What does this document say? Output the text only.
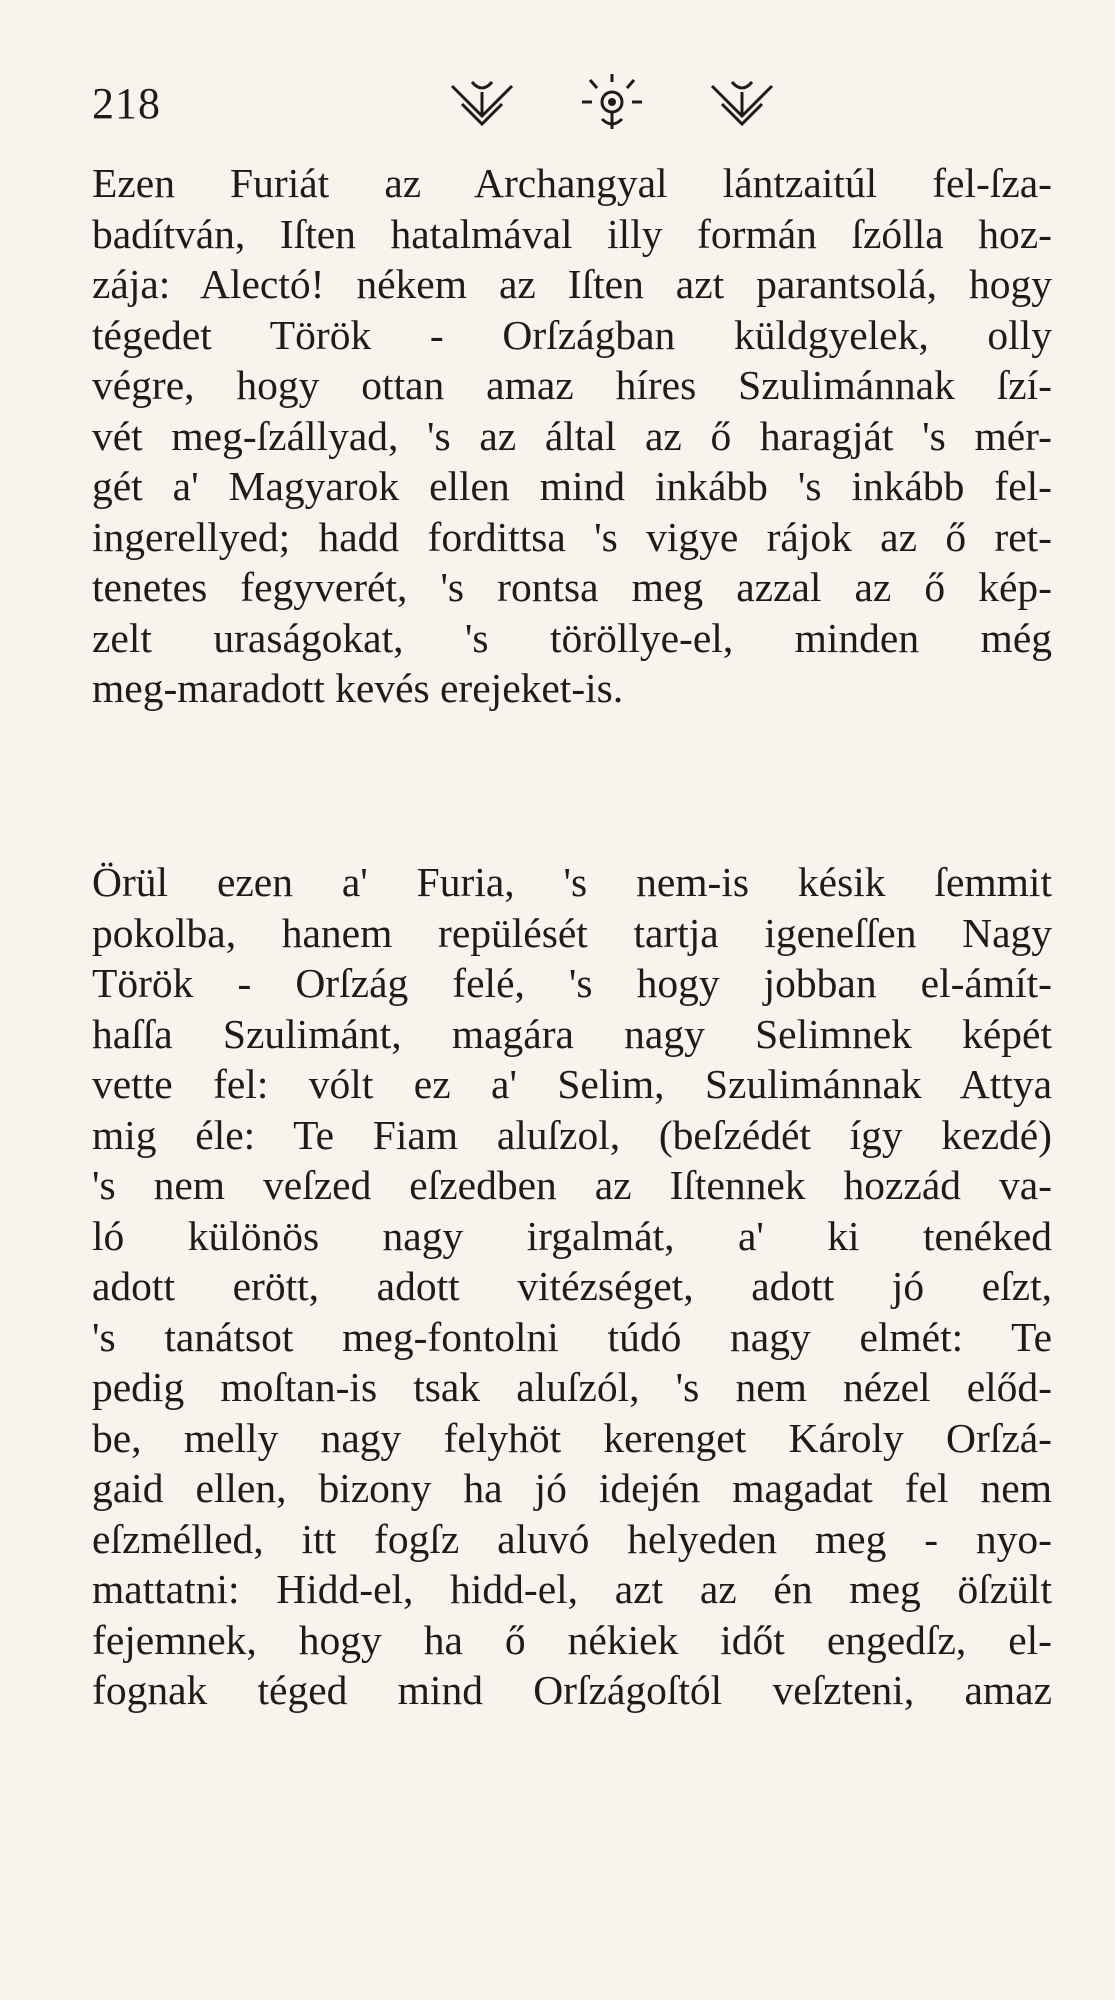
218
Ezen Furiát az Archangyal lántzaitúl fel-ſza-
badítván, Iſten hatalmával illy formán ſzólla hoz-
zája: Alectó! nékem az Iſten azt parantsolá, hogy
tégedet Török - Orſzágban küldgyelek, olly
végre, hogy ottan amaz híres Szulimánnak ſzí-
vét meg-ſzállyad, 's az által az ő haragját 's mér-
gét a' Magyarok ellen mind inkább 's inkább fel-
ingerellyed; hadd fordittsa 's vigye rájok az ő ret-
tenetes fegyverét, 's rontsa meg azzal az ő kép-
zelt uraságokat, 's töröllye-el, minden még
meg-maradott kevés erejeket-is.
Örül ezen a' Furia, 's nem-is késik ſemmit
pokolba, hanem repülését tartja igeneſſen Nagy
Török - Orſzág felé, 's hogy jobban el-ámít-
haſſa Szulimánt, magára nagy Selimnek képét
vette fel: vólt ez a' Selim, Szulimánnak Attya
mig éle: Te Fiam aluſzol, (beſzédét így kezdé)
's nem veſzed eſzedben az Iſtennek hozzád va-
ló különös nagy irgalmát, a' ki tenéked
adott erött, adott vitézséget, adott jó eſzt,
's tanátsot meg-fontolni túdó nagy elmét: Te
pedig moſtan-is tsak aluſzól, 's nem nézel előd-
be, melly nagy felyhöt kerenget Károly Orſzá-
gaid ellen, bizony ha jó idején magadat fel nem
eſzmélled, itt fogſz aluvó helyeden meg - nyo-
mattatni: Hidd-el, hidd-el, azt az én meg öſzült
fejemnek, hogy ha ő nékiek időt engedſz, el-
fognak téged mind Orſzágoſtól veſzteni, amaz
